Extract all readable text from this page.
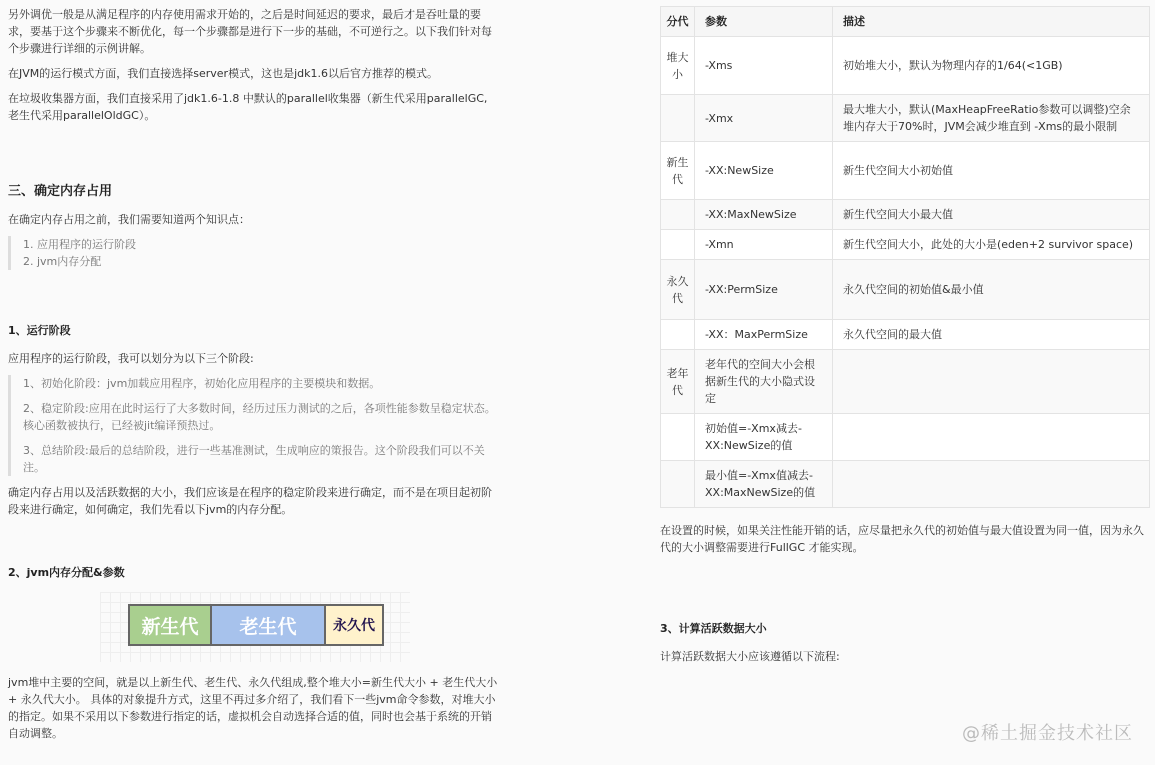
另外调优一般是从满足程序的内存使用需求开始的，之后是时间延迟的要求，最后才是吞吐量的要求，要基于这个步骤来不断优化，每一个步骤都是进行下一步的基础，不可逆行之。以下我们针对每个步骤进行详细的示例讲解。

在JVM的运行模式方面，我们直接选择server模式，这也是jdk1.6以后官方推荐的模式。

在垃圾收集器方面，我们直接采用了jdk1.6-1.8 中默认的parallel收集器（新生代采用parallelGC,老生代采用parallelOldGC）。

三、确定内存占用

在确定内存占用之前，我们需要知道两个知识点：

1. 应用程序的运行阶段
2. jvm内存分配
1、运行阶段

应用程序的运行阶段，我可以划分为以下三个阶段:

1、初始化阶段：jvm加载应用程序，初始化应用程序的主要模块和数据。
2、稳定阶段:应用在此时运行了大多数时间，经历过压力测试的之后，各项性能参数呈稳定状态。核心函数被执行，已经被jit编译预热过。
3、总结阶段:最后的总结阶段，进行一些基准测试，生成响应的策报告。这个阶段我们可以不关注。

确定内存占用以及活跃数据的大小，我们应该是在程序的稳定阶段来进行确定，而不是在项目起初阶段来进行确定，如何确定，我们先看以下jvm的内存分配。

2、jvm内存分配&参数
新生代	老生代	永久代

jvm堆中主要的空间，就是以上新生代、老生代、永久代组成,整个堆大小=新生代大小 + 老生代大小 + 永久代大小。 具体的对象提升方式，这里不再过多介绍了，我们看下一些jvm命令参数，对堆大小的指定。如果不采用以下参数进行指定的话，虚拟机会自动选择合适的值，同时也会基于系统的开销自动调整。

分代	参数	描述
堆大小	-Xms	初始堆大小，默认为物理内存的1/64(<1GB)
	-Xmx	最大堆大小，默认(MaxHeapFreeRatio参数可以调整)空余堆内存大于70%时，JVM会减少堆直到 -Xms的最小限制
新生代	-XX:NewSize	新生代空间大小初始值
	-XX:MaxNewSize	新生代空间大小最大值
	-Xmn	新生代空间大小，此处的大小是(eden+2 survivor space)
永久代	-XX:PermSize	永久代空间的初始值&最小值
	-XX：MaxPermSize	永久代空间的最大值
老年代	老年代的空间大小会根据新生代的大小隐式设定	
	初始值=-Xmx减去-XX:NewSize的值	
	最小值=-Xmx值减去-XX:MaxNewSize的值	

在设置的时候，如果关注性能开销的话，应尽量把永久代的初始值与最大值设置为同一值，因为永久代的大小调整需要进行FullGC 才能实现。

3、计算活跃数据大小

计算活跃数据大小应该遵循以下流程:

@稀土掘金技术社区
